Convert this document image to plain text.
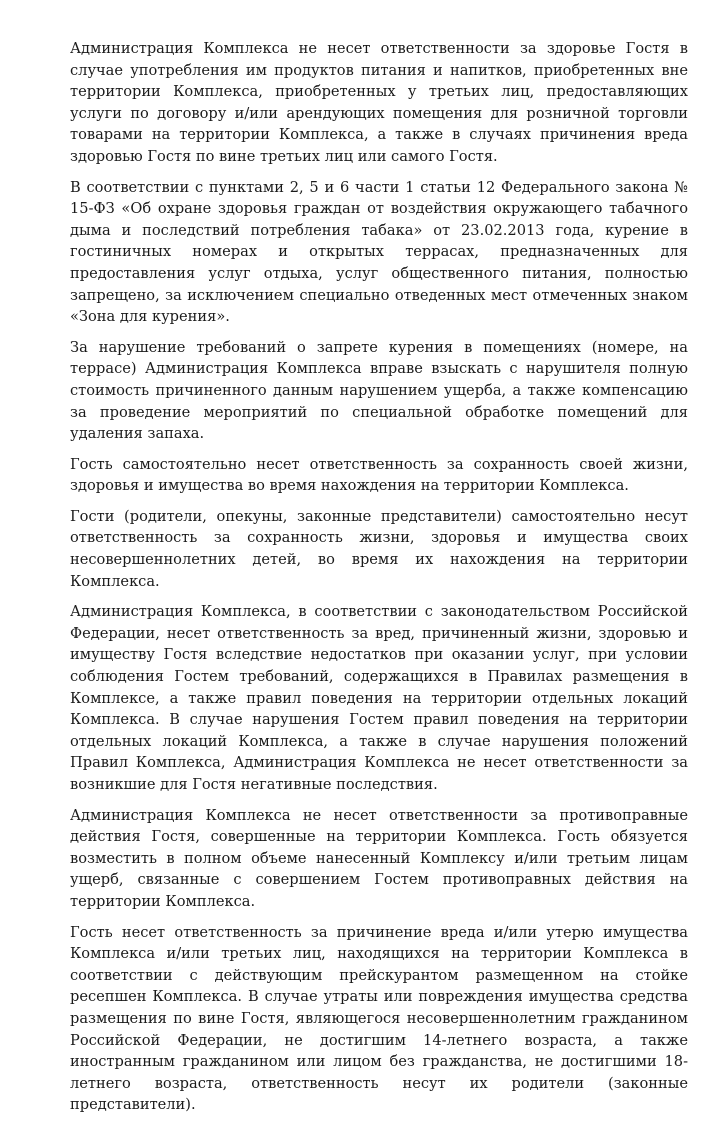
Администрация Комплекса не несет ответственности за здоровье Гостя в случае употребления им продуктов питания и напитков, приобретенных вне территории Комплекса, приобретенных у третьих лиц, предоставляющих услуги по договору и/или арендующих помещения для розничной торговли товарами на территории Комплекса, а также в случаях причинения вреда здоровью Гостя по вине третьих лиц или самого Гостя.

В соответствии с пунктами 2, 5 и 6 части 1 статьи 12 Федерального закона № 15-ФЗ «Об охране здоровья граждан от воздействия окружающего табачного дыма и последствий потребления табака» от 23.02.2013 года, курение в гостиничных номерах и открытых террасах, предназначенных для предоставления услуг отдыха, услуг общественного питания, полностью запрещено, за исключением специально отведенных мест отмеченных знаком «Зона для курения».

За нарушение требований о запрете курения в помещениях (номере, на террасе) Администрация Комплекса вправе взыскать с нарушителя полную стоимость причиненного данным нарушением ущерба, а также компенсацию за проведение мероприятий по специальной обработке помещений для удаления запаха.

Гость самостоятельно несет ответственность за сохранность своей жизни, здоровья и имущества во время нахождения на территории Комплекса.

Гости (родители, опекуны, законные представители) самостоятельно несут ответственность за сохранность жизни, здоровья и имущества своих несовершеннолетних детей, во время их нахождения на территории Комплекса.

Администрация Комплекса, в соответствии с законодательством Российской Федерации, несет ответственность за вред, причиненный жизни, здоровью и имуществу Гостя вследствие недостатков при оказании услуг, при условии соблюдения Гостем требований, содержащихся в Правилах размещения в Комплексе, а также правил поведения на территории отдельных локаций Комплекса. В случае нарушения Гостем правил поведения на территории отдельных локаций Комплекса, а также в случае нарушения положений Правил Комплекса, Администрация Комплекса не несет ответственности за возникшие для Гостя негативные последствия.

Администрация Комплекса не несет ответственности за противоправные действия Гостя, совершенные на территории Комплекса. Гость обязуется возместить в полном объеме нанесенный Комплексу и/или третьим лицам ущерб, связанные с совершением Гостем противоправных действия на территории Комплекса.

Гость несет ответственность за причинение вреда и/или утерю имущества Комплекса и/или третьих лиц, находящихся на территории Комплекса в соответствии с действующим прейскурантом размещенном на стойке ресепшен Комплекса. В случае утраты или повреждения имущества средства размещения по вине Гостя, являющегося несовершеннолетним гражданином Российской Федерации, не достигшим 14-летнего возраста, а также иностранным гражданином или лицом без гражданства, не достигшими 18-летнего возраста, ответственность несут их родители (законные представители).
